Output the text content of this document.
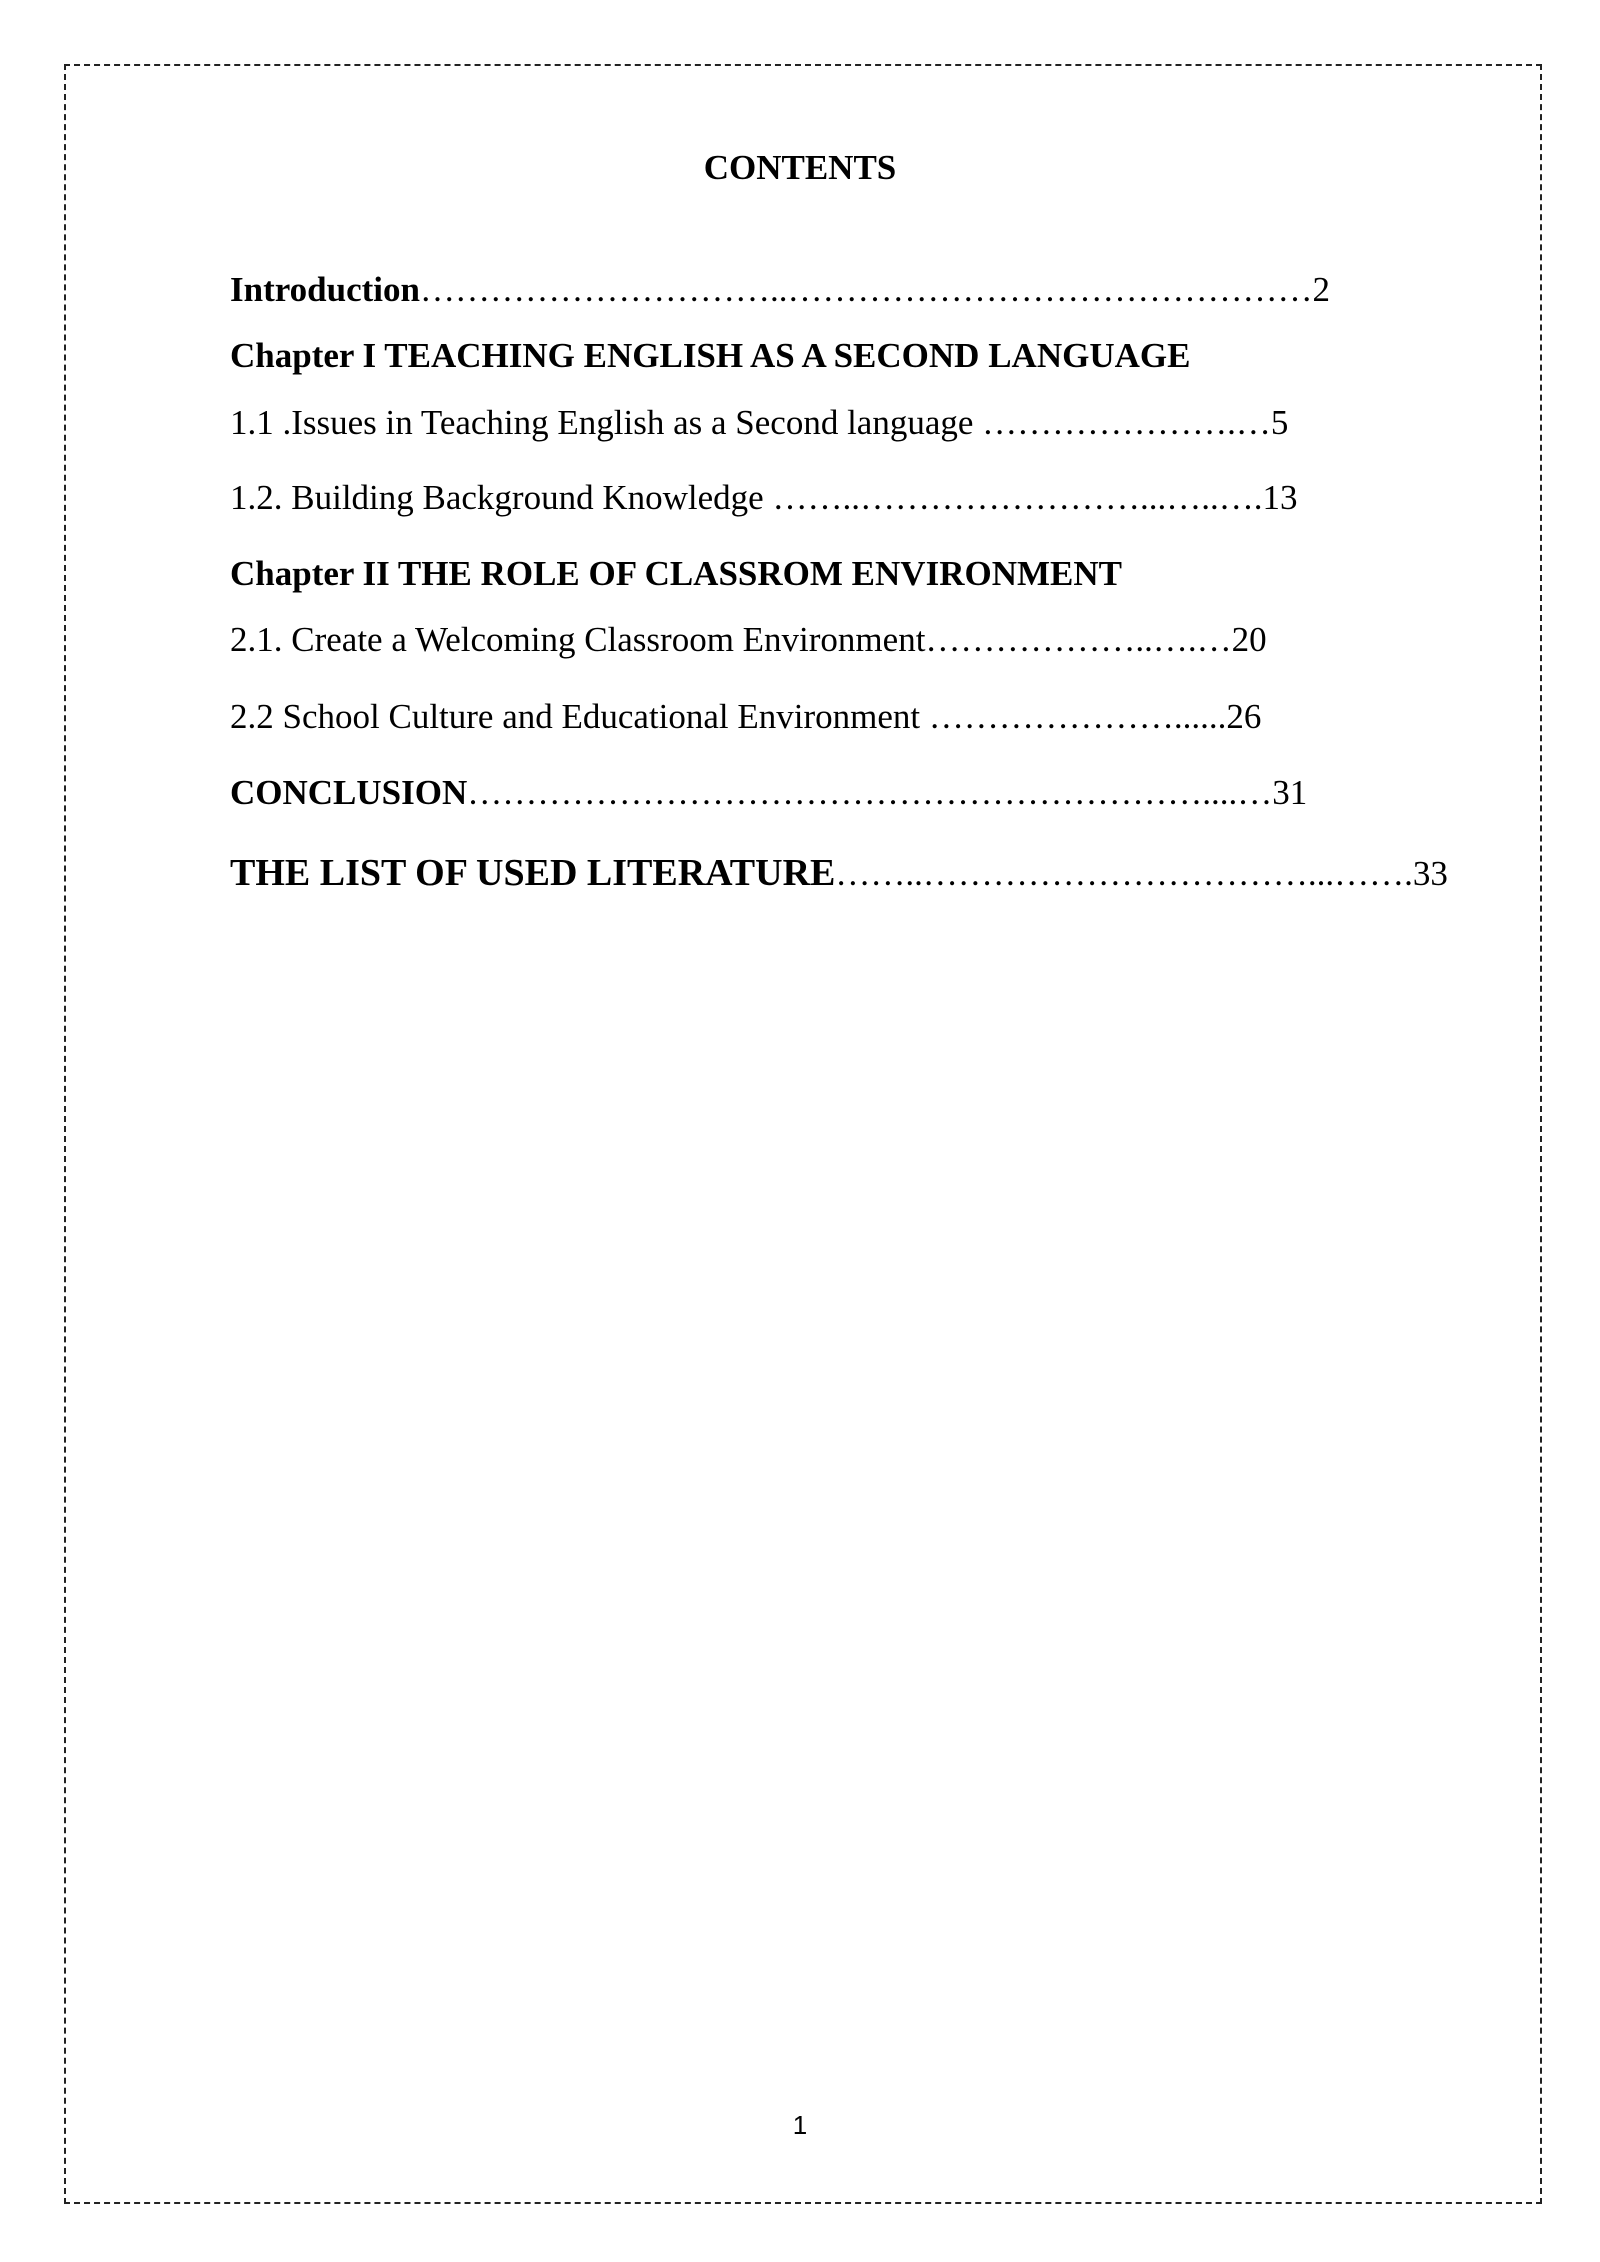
CONTENTS
Introduction…………………………..………………………………………2
Chapter I TEACHING ENGLISH AS A SECOND LANGUAGE
1.1 .Issues in Teaching English as a Second language ………………….…5
1.2. Building Background Knowledge ……..……………………...…..….13
Chapter II THE ROLE OF CLASSROM ENVIRONMENT
2.1. Create a Welcoming Classroom Environment………………..….…20
2.2 School Culture and Educational Environment …………………......26
CONCLUSION………………………………………………………....…31
THE LIST OF USED LITERATURE……..……………………………...…….33
1
